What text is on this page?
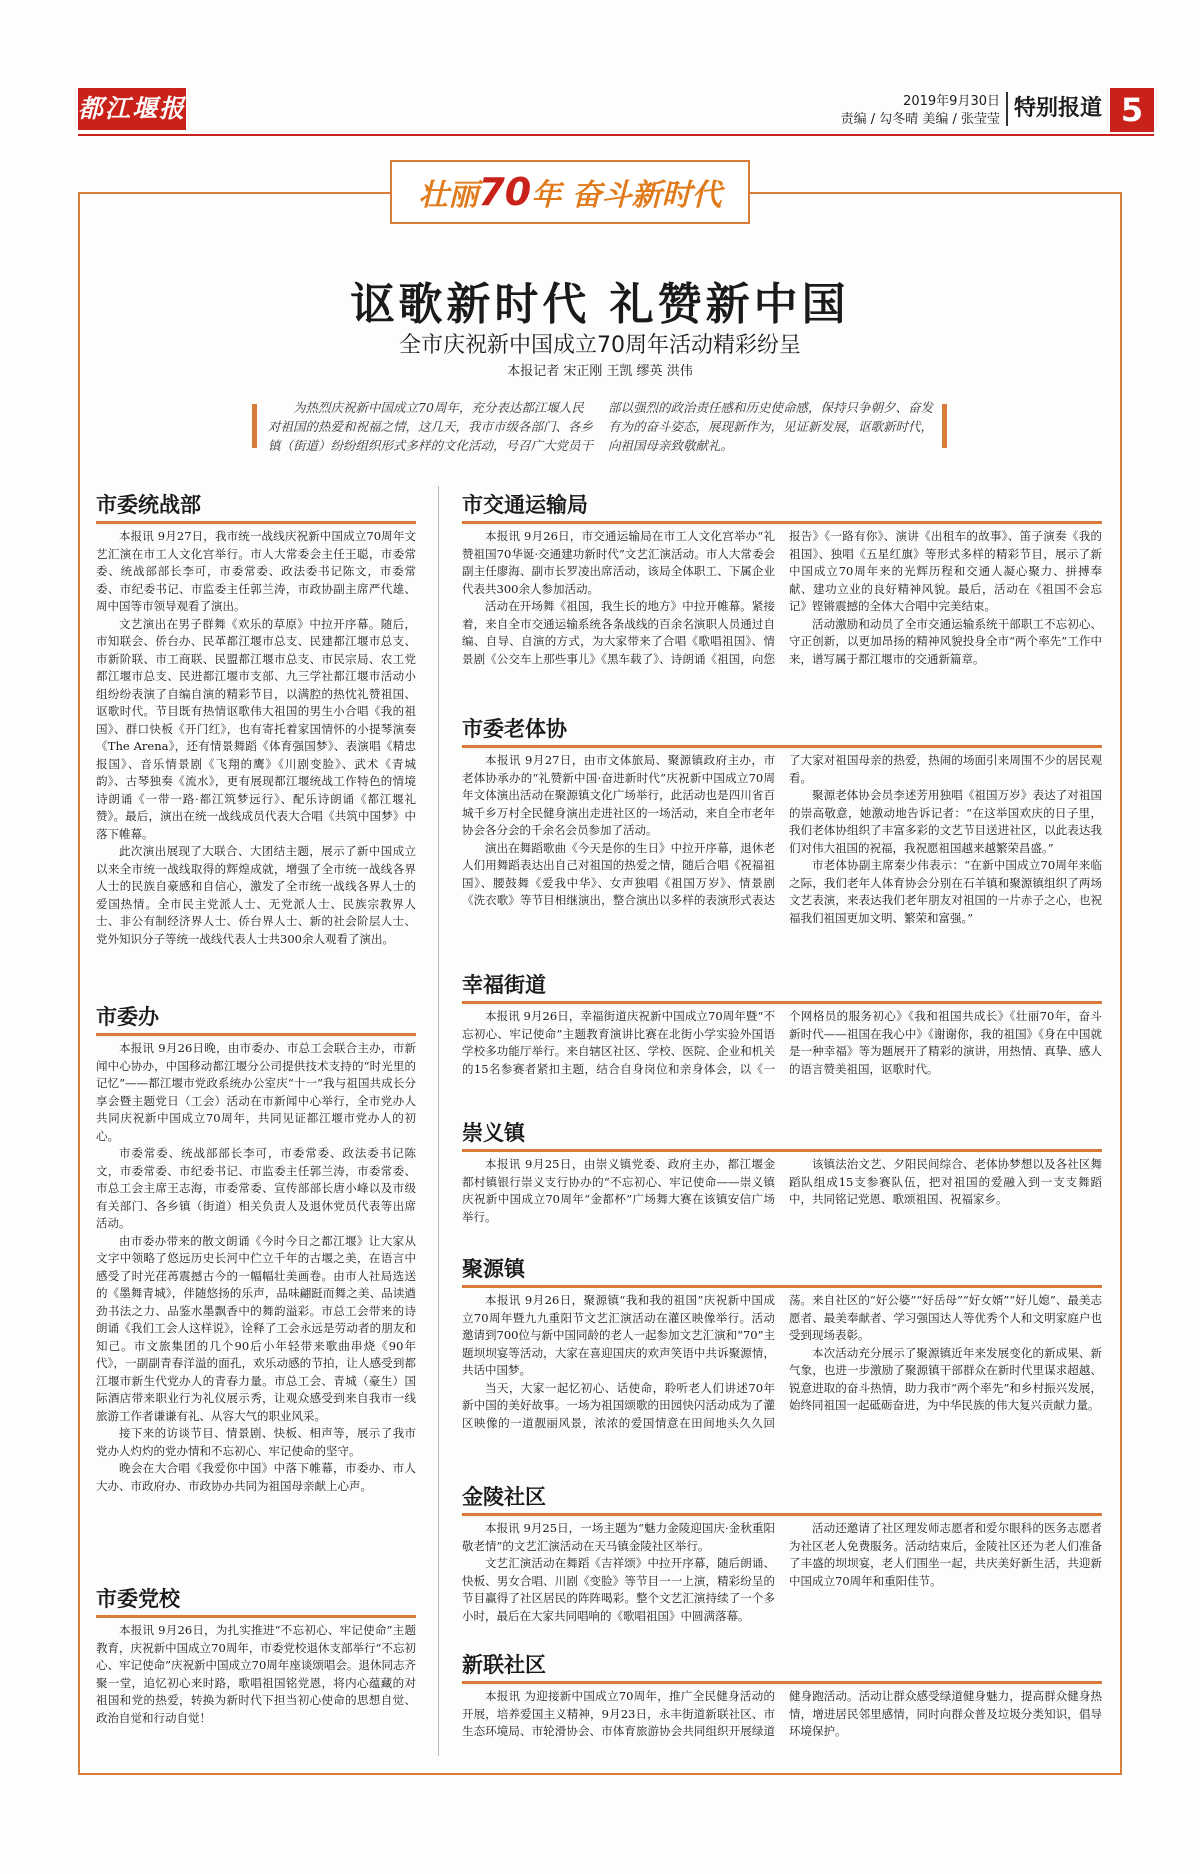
都江堰报	2019年9月30日
责编 / 勾冬晴 美编 / 张莹莹 特别报道 5
壮丽70年 奋斗新时代
讴歌新时代 礼赞新中国
全市庆祝新中国成立70周年活动精彩纷呈
本报记者 宋正刚 王凯 缪英 洪伟
为热烈庆祝新中国成立70周年，充分表达都江堰人民对祖国的热爱和祝福之情，这几天，我市市级各部门、各乡镇（街道）纷纷组织形式多样的文化活动，号召广大党员干部以强烈的政治责任感和历史使命感，保持只争朝夕、奋发有为的奋斗姿态，展现新作为，见证新发展，讴歌新时代，向祖国母亲致敬献礼。
市委统战部

本报讯 9月27日，我市统一战线庆祝新中国成立70周年文艺汇演在市工人文化宫举行。市人大常委会主任王聪，市委常委、统战部部长李可，市委常委、政法委书记陈文，市委常委、市纪委书记、市监委主任郭兰涛，市政协副主席严代雄、周中国等市领导观看了演出。

文艺演出在男子群舞《欢乐的草原》中拉开序幕。随后，市知联会、侨台办、民革都江堰市总支、民建都江堰市总支、市新阶联、市工商联、民盟都江堰市总支、市民宗局、农工党都江堰市总支、民进都江堰市支部、九三学社都江堰市活动小组纷纷表演了自编自演的精彩节目，以满腔的热忱礼赞祖国、讴歌时代。节目既有热情讴歌伟大祖国的男生小合唱《我的祖国》、群口快板《开门红》，也有寄托着家国情怀的小提琴演奏《The Arena》，还有情景舞蹈《体育强国梦》、表演唱《精忠报国》、音乐情景剧《飞翔的鹰》《川剧变脸》、武术《青城韵》、古琴独奏《流水》，更有展现都江堰统战工作特色的情境诗朗诵《一带一路·都江筑梦远行》、配乐诗朗诵《都江堰礼赞》。最后，演出在统一战线成员代表大合唱《共筑中国梦》中落下帷幕。

此次演出展现了大联合、大团结主题，展示了新中国成立以来全市统一战线取得的辉煌成就，增强了全市统一战线各界人士的民族自豪感和自信心，激发了全市统一战线各界人士的爱国热情。全市民主党派人士、无党派人士、民族宗教界人士、非公有制经济界人士、侨台界人士、新的社会阶层人士、党外知识分子等统一战线代表人士共300余人观看了演出。

市委办

本报讯 9月26日晚，由市委办、市总工会联合主办，市新闻中心协办，中国移动都江堰分公司提供技术支持的“时光里的记忆”——都江堰市党政系统办公室庆“十一”我与祖国共成长分享会暨主题党日（工会）活动在市新闻中心举行，全市党办人共同庆祝新中国成立70周年，共同见证都江堰市党办人的初心。

市委常委、统战部部长李可，市委常委、政法委书记陈文，市委常委、市纪委书记、市监委主任郭兰涛，市委常委、市总工会主席王志海，市委常委、宣传部部长唐小峰以及市级有关部门、各乡镇（街道）相关负责人及退休党员代表等出席活动。

由市委办带来的散文朗诵《今时今日之都江堰》让大家从文字中领略了悠远历史长河中伫立千年的古堰之美，在语言中感受了时光荏苒震撼古今的一幅幅壮美画卷。由市人社局选送的《墨舞青城》，伴随悠扬的乐声，品味翩跹而舞之美、品读遒劲书法之力、品鉴水墨飘香中的舞韵溢彩。市总工会带来的诗朗诵《我们工会人这样说》，诠释了工会永远是劳动者的朋友和知己。市文旅集团的几个90后小年轻带来歌曲串烧《90年代》，一副副青春洋溢的面孔，欢乐动感的节拍，让人感受到都江堰市新生代党办人的青春力量。市总工会、青城（豪生）国际酒店带来职业行为礼仪展示秀，让观众感受到来自我市一线旅游工作者谦谦有礼、从容大气的职业风采。

接下来的访谈节目、情景剧、快板、相声等，展示了我市党办人灼灼的党办情和不忘初心、牢记使命的坚守。

晚会在大合唱《我爱你中国》中落下帷幕，市委办、市人大办、市政府办、市政协办共同为祖国母亲献上心声。

市委党校

本报讯 9月26日，为扎实推进“不忘初心、牢记使命”主题教育，庆祝新中国成立70周年，市委党校退休支部举行“不忘初心、牢记使命”庆祝新中国成立70周年座谈颂唱会。退休同志齐聚一堂，追忆初心来时路，歌唱祖国铭党恩，将内心蕴藏的对祖国和党的热爱，转换为新时代下担当初心使命的思想自觉、政治自觉和行动自觉！

市交通运输局

本报讯 9月26日，市交通运输局在市工人文化宫举办“礼赞祖国70华诞·交通建功新时代”文艺汇演活动。市人大常委会副主任廖海、副市长罗凌出席活动，该局全体职工、下属企业代表共300余人参加活动。

活动在开场舞《祖国，我生长的地方》中拉开帷幕。紧接着，来自全市交通运输系统各条战线的百余名演职人员通过自编、自导、自演的方式，为大家带来了合唱《歌唱祖国》、情景剧《公交车上那些事儿》《黑车载了》、诗朗诵《祖国，向您报告》《一路有你》、演讲《出租车的故事》、笛子演奏《我的祖国》、独唱《五星红旗》等形式多样的精彩节目，展示了新中国成立70周年来的光辉历程和交通人凝心聚力、拼搏奉献、建功立业的良好精神风貌。最后，活动在《祖国不会忘记》铿锵震撼的全体大合唱中完美结束。

活动激励和动员了全市交通运输系统干部职工不忘初心、守正创新，以更加昂扬的精神风貌投身全市“两个率先”工作中来，谱写属于都江堰市的交通新篇章。

市委老体协

本报讯 9月27日，由市文体旅局、聚源镇政府主办，市老体协承办的“礼赞新中国·奋进新时代”庆祝新中国成立70周年文体演出活动在聚源镇文化广场举行，此活动也是四川省百城千乡万村全民健身演出走进社区的一场活动，来自全市老年协会各分会的千余名会员参加了活动。

演出在舞蹈歌曲《今天是你的生日》中拉开序幕，退休老人们用舞蹈表达出自己对祖国的热爱之情，随后合唱《祝福祖国》、腰鼓舞《爱我中华》、女声独唱《祖国万岁》、情景剧《洗衣歌》等节目相继演出，整合演出以多样的表演形式表达了大家对祖国母亲的热爱，热闹的场面引来周围不少的居民观看。

聚源老体协会员李述芳用独唱《祖国万岁》表达了对祖国的崇高敬意，她激动地告诉记者：“在这举国欢庆的日子里，我们老体协组织了丰富多彩的文艺节目送进社区，以此表达我们对伟大祖国的祝福，我祝愿祖国越来越繁荣昌盛。”

市老体协副主席秦少伟表示：“在新中国成立70周年来临之际，我们老年人体育协会分别在石羊镇和聚源镇组织了两场文艺表演，来表达我们老年朋友对祖国的一片赤子之心，也祝福我们祖国更加文明、繁荣和富强。”

幸福街道

本报讯 9月26日，幸福街道庆祝新中国成立70周年暨“不忘初心、牢记使命”主题教育演讲比赛在北街小学实验外国语学校多功能厅举行。来自辖区社区、学校、医院、企业和机关的15名参赛者紧扣主题，结合自身岗位和亲身体会，以《一个网格员的服务初心》《我和祖国共成长》《壮丽70年，奋斗新时代——祖国在我心中》《谢谢你，我的祖国》《身在中国就是一种幸福》等为题展开了精彩的演讲，用热情、真挚、感人的语言赞美祖国，讴歌时代。

崇义镇

本报讯 9月25日，由崇义镇党委、政府主办，都江堰金都村镇银行崇义支行协办的“不忘初心、牢记使命——崇义镇庆祝新中国成立70周年“金都杯”广场舞大赛在该镇安信广场举行。

该镇法治文艺、夕阳民间综合、老体协梦想以及各社区舞蹈队组成15支参赛队伍，把对祖国的爱融入到一支支舞蹈中，共同铭记党恩、歌颂祖国、祝福家乡。

聚源镇

本报讯 9月26日，聚源镇“我和我的祖国”庆祝新中国成立70周年暨九九重阳节文艺汇演活动在灌区映像举行。活动邀请到700位与新中国同龄的老人一起参加文艺汇演和“70”主题坝坝宴等活动，大家在喜迎国庆的欢声笑语中共诉聚源情，共话中国梦。

当天，大家一起忆初心、话使命，聆听老人们讲述70年新中国的美好故事。一场为祖国颂歌的田园快闪活动成为了灌区映像的一道靓丽风景，浓浓的爱国情意在田间地头久久回荡。来自社区的“好公婆”“好岳母”“好女婿”“好儿媳”、最美志愿者、最美奉献者、学习强国达人等优秀个人和文明家庭户也受到现场表彰。

本次活动充分展示了聚源镇近年来发展变化的新成果、新气象，也进一步激励了聚源镇干部群众在新时代里谋求超越、锐意进取的奋斗热情，助力我市“两个率先”和乡村振兴发展，始终同祖国一起砥砺奋进，为中华民族的伟大复兴贡献力量。

金陵社区

本报讯 9月25日，一场主题为“魅力金陵迎国庆·金秋重阳敬老情”的文艺汇演活动在天马镇金陵社区举行。

文艺汇演活动在舞蹈《吉祥颂》中拉开序幕，随后朗诵、快板、男女合唱、川剧《变脸》等节目一一上演，精彩纷呈的节目赢得了社区居民的阵阵喝彩。整个文艺汇演持续了一个多小时，最后在大家共同唱响的《歌唱祖国》中圆满落幕。

活动还邀请了社区理发师志愿者和爱尔眼科的医务志愿者为社区老人免费服务。活动结束后，金陵社区还为老人们准备了丰盛的坝坝宴，老人们围坐一起，共庆美好新生活，共迎新中国成立70周年和重阳佳节。

新联社区

本报讯 为迎接新中国成立70周年，推广全民健身活动的开展，培养爱国主义精神，9月23日，永丰街道新联社区、市生态环境局、市轮滑协会、市体育旅游协会共同组织开展绿道健身跑活动。活动让群众感受绿道健身魅力，提高群众健身热情，增进居民邻里感情，同时向群众普及垃圾分类知识，倡导环境保护。
